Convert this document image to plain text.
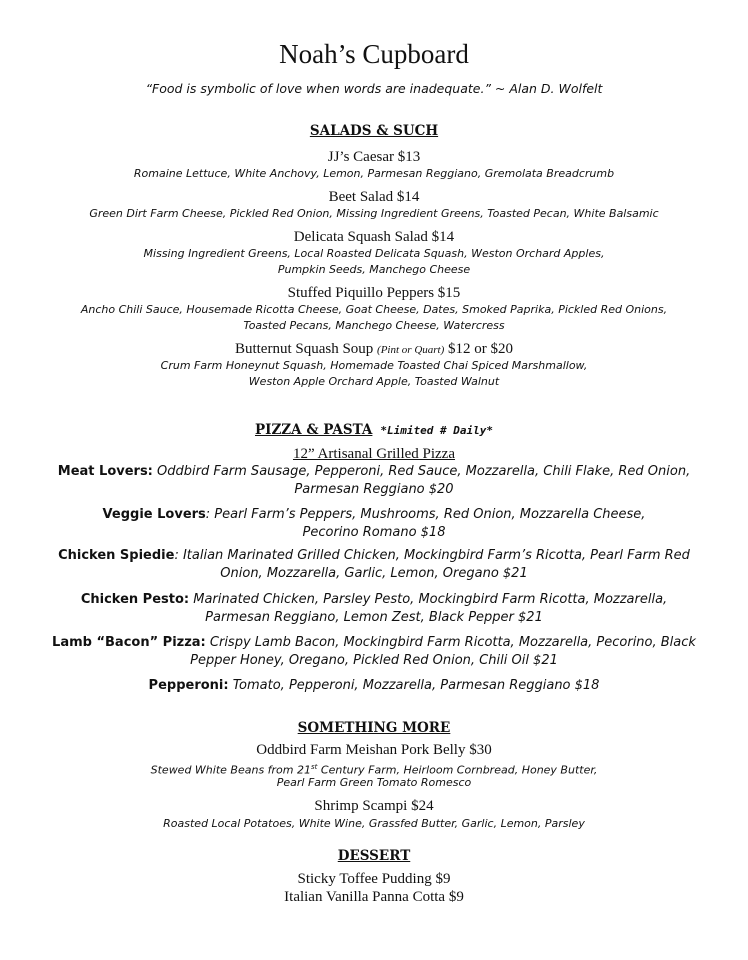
Noah’s Cupboard
“Food is symbolic of love when words are inadequate.” ~ Alan D. Wolfelt
SALADS & SUCH
JJ’s Caesar $13
Romaine Lettuce, White Anchovy, Lemon, Parmesan Reggiano, Gremolata Breadcrumb
Beet Salad $14
Green Dirt Farm Cheese, Pickled Red Onion, Missing Ingredient Greens, Toasted Pecan, White Balsamic
Delicata Squash Salad $14
Missing Ingredient Greens, Local Roasted Delicata Squash, Weston Orchard Apples,
Pumpkin Seeds, Manchego Cheese
Stuffed Piquillo Peppers $15
Ancho Chili Sauce, Housemade Ricotta Cheese, Goat Cheese, Dates, Smoked Paprika, Pickled Red Onions,
Toasted Pecans, Manchego Cheese, Watercress
Butternut Squash Soup (Pint or Quart) $12 or $20
Crum Farm Honeynut Squash, Homemade Toasted Chai Spiced Marshmallow,
Weston Apple Orchard Apple, Toasted Walnut
PIZZA & PASTA *Limited # Daily*
12” Artisanal Grilled Pizza
Meat Lovers: Oddbird Farm Sausage, Pepperoni, Red Sauce, Mozzarella, Chili Flake, Red Onion,
Parmesan Reggiano $20
Veggie Lovers: Pearl Farm’s Peppers, Mushrooms, Red Onion, Mozzarella Cheese,
Pecorino Romano $18
Chicken Spiedie: Italian Marinated Grilled Chicken, Mockingbird Farm’s Ricotta, Pearl Farm Red
Onion, Mozzarella, Garlic, Lemon, Oregano $21
Chicken Pesto: Marinated Chicken, Parsley Pesto, Mockingbird Farm Ricotta, Mozzarella,
Parmesan Reggiano, Lemon Zest, Black Pepper $21
Lamb “Bacon” Pizza: Crispy Lamb Bacon, Mockingbird Farm Ricotta, Mozzarella, Pecorino, Black
Pepper Honey, Oregano, Pickled Red Onion, Chili Oil $21
Pepperoni: Tomato, Pepperoni, Mozzarella, Parmesan Reggiano $18
SOMETHING MORE
Oddbird Farm Meishan Pork Belly $30
Stewed White Beans from 21st Century Farm, Heirloom Cornbread, Honey Butter,
Pearl Farm Green Tomato Romesco
Shrimp Scampi $24
Roasted Local Potatoes, White Wine, Grassfed Butter, Garlic, Lemon, Parsley
DESSERT
Sticky Toffee Pudding $9
Italian Vanilla Panna Cotta $9
